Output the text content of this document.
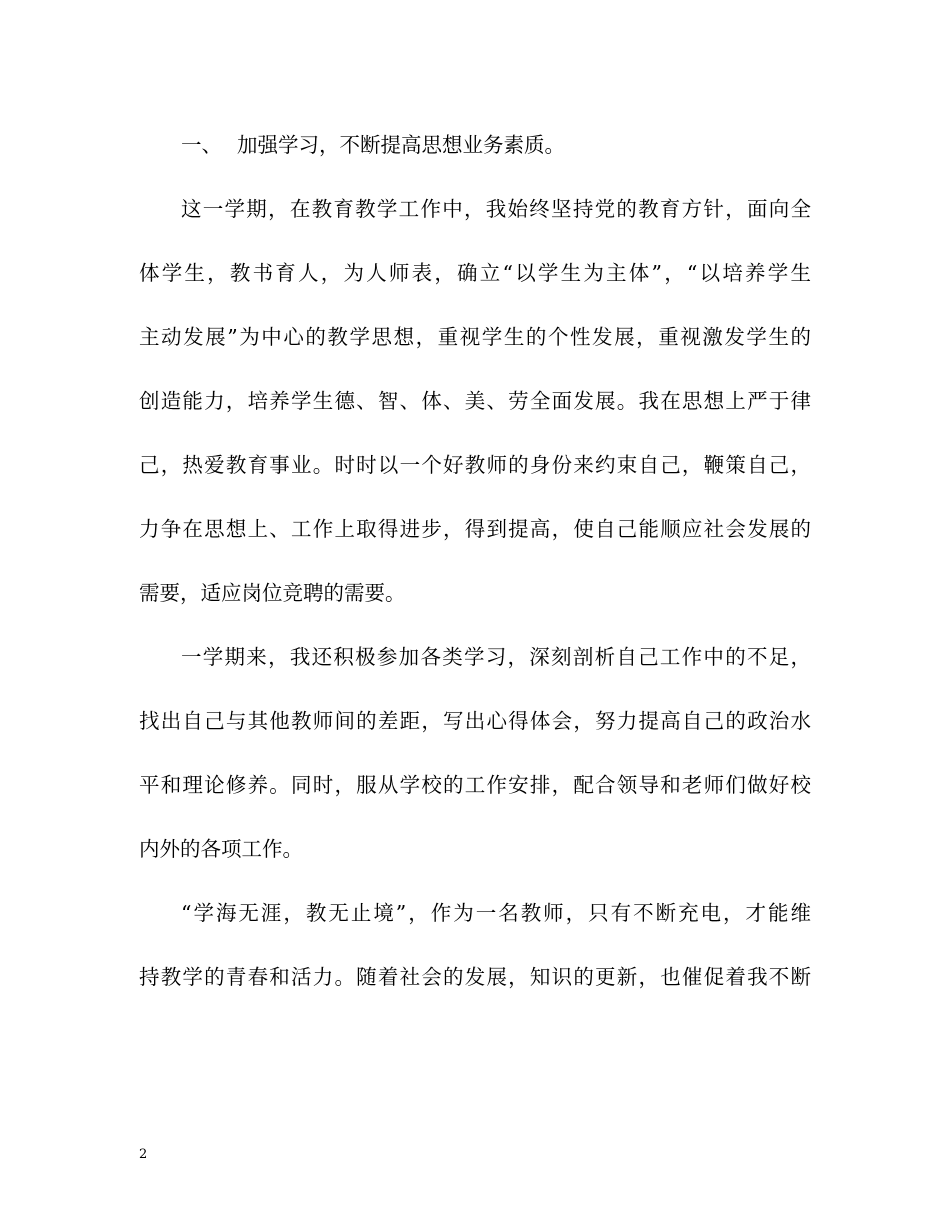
一、 加强学习，不断提高思想业务素质。
这一学期，在教育教学工作中，我始终坚持党的教育方针，面向全
体学生，教书育人，为人师表，确立“以学生为主体”，“以培养学生
主动发展”为中心的教学思想，重视学生的个性发展，重视激发学生的
创造能力，培养学生德、智、体、美、劳全面发展。我在思想上严于律
己，热爱教育事业。时时以一个好教师的身份来约束自己，鞭策自己，
力争在思想上、工作上取得进步，得到提高，使自己能顺应社会发展的
需要，适应岗位竞聘的需要。
一学期来，我还积极参加各类学习，深刻剖析自己工作中的不足，
找出自己与其他教师间的差距，写出心得体会，努力提高自己的政治水
平和理论修养。同时，服从学校的工作安排，配合领导和老师们做好校
内外的各项工作。
“学海无涯，教无止境”，作为一名教师，只有不断充电，才能维
持教学的青春和活力。随着社会的发展，知识的更新，也催促着我不断
2
